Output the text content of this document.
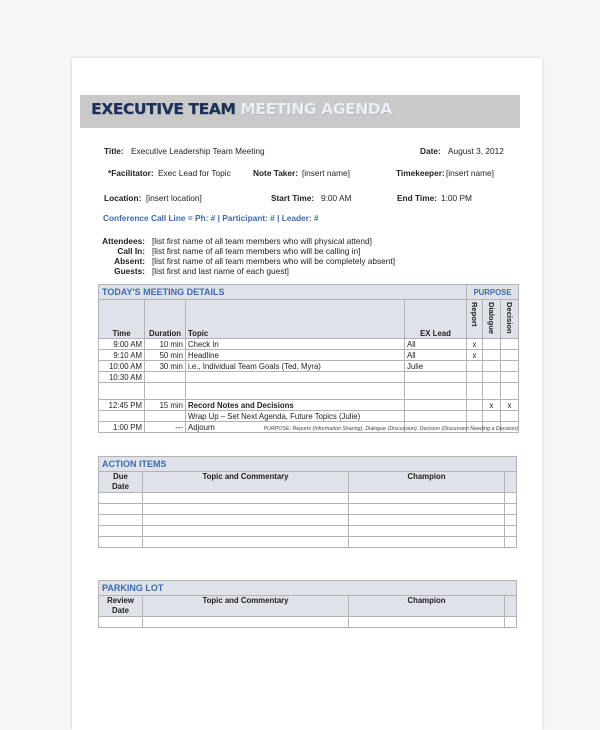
EXECUTIVE TEAM MEETING AGENDA
Title: Executive Leadership Team Meeting	Date: August 3, 2012
*Facilitator: Exec Lead for Topic	Note Taker: [insert name]	Timekeeper: [insert name]
Location: [insert location]	Start Time: 9:00 AM	End Time: 1:00 PM
Conference Call Line = Ph: # | Participant: # | Leader: #
Attendees: [list first name of all team members who will physical attend]
Call In: [list first name of all team members who will be calling in]
Absent: [list first name of all team members who will be completely absent]
Guests: [list first and last name of each guest]
TODAY'S MEETING DETAILS				PURPOSE		
Time	Duration	Topic	EX Lead	Report	Dialogue	Decision
9:00 AM	10 min	Check In	All	x		
9:10 AM	50 min	Headline	All	x		
10:00 AM	30 min	i.e., Individual Team Goals (Ted, Myra)	Julie			
10:30 AM						

12:45 PM	15 min	Record Notes and Decisions			x	x
		Wrap Up – Set Next Agenda, Future Topics (Julie)				
1:00 PM	---	Adjourn					PURPOSE: Reports (Information Sharing), Dialogue (Discussion), Decision (Discussion Needing a Decision)
ACTION ITEMS			
Due
Date	Topic and Commentary	Champion	

PARKING LOT			
Review
Date	Topic and Commentary	Champion	
